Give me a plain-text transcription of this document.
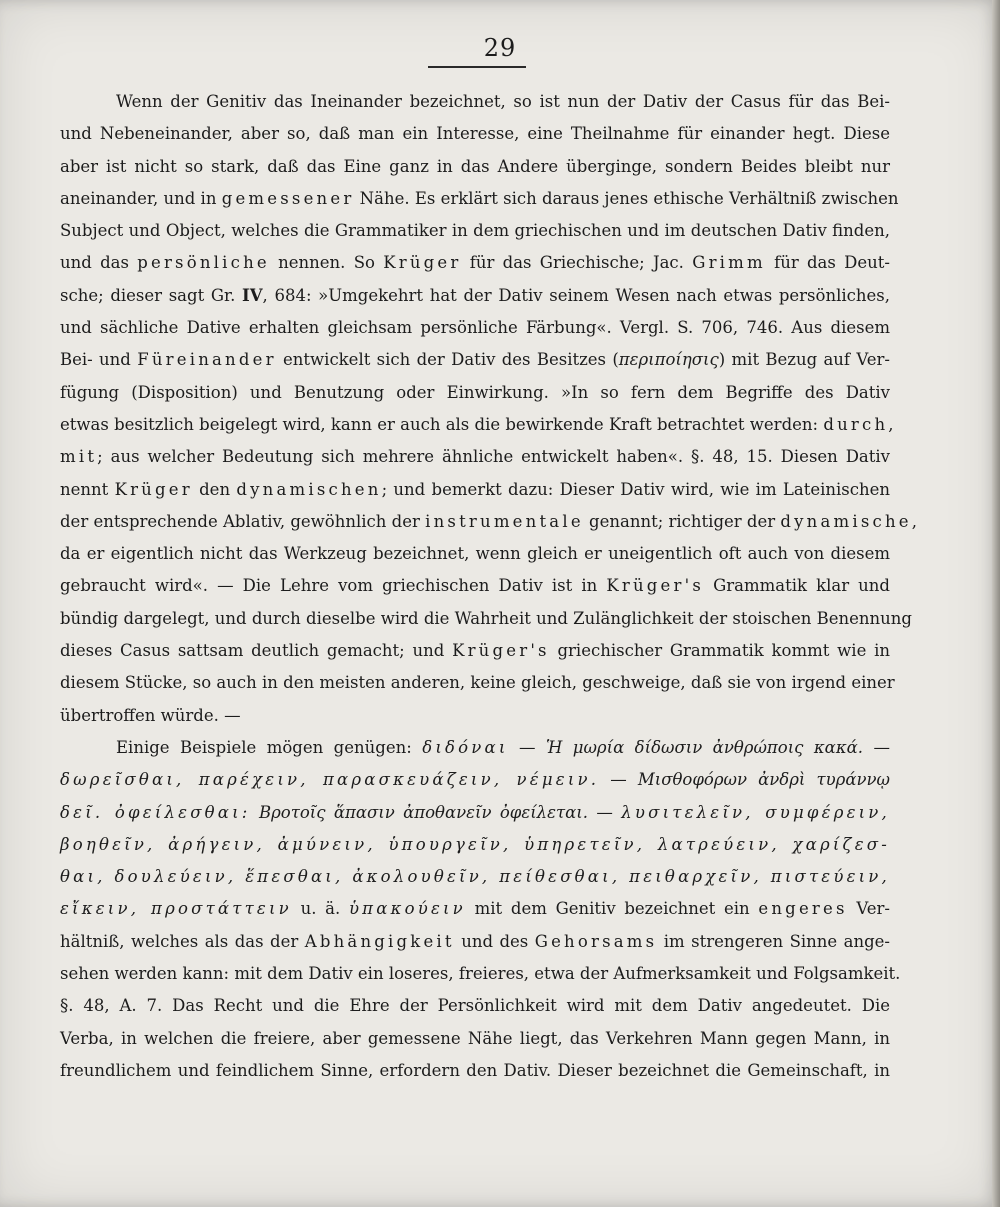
29
Wenn der Genitiv das Ineinander bezeichnet, so ist nun der Dativ der Casus für das Bei-
und Nebeneinander, aber so, daß man ein Interesse, eine Theilnahme für einander hegt. Diese
aber ist nicht so stark, daß das Eine ganz in das Andere überginge, sondern Beides bleibt nur
aneinander, und in gemessener Nähe. Es erklärt sich daraus jenes ethische Verhältniß zwischen
Subject und Object, welches die Grammatiker in dem griechischen und im deutschen Dativ finden,
und das persönliche nennen. So Krüger für das Griechische; Jac. Grimm für das Deut-
sche; dieser sagt Gr. IV, 684: »Umgekehrt hat der Dativ seinem Wesen nach etwas persönliches,
und sächliche Dative erhalten gleichsam persönliche Färbung«. Vergl. S. 706, 746. Aus diesem
Bei- und Füreinander entwickelt sich der Dativ des Besitzes (περιποίησις) mit Bezug auf Ver-
fügung (Disposition) und Benutzung oder Einwirkung. »In so fern dem Begriffe des Dativ
etwas besitzlich beigelegt wird, kann er auch als die bewirkende Kraft betrachtet werden: durch,
mit; aus welcher Bedeutung sich mehrere ähnliche entwickelt haben«. §. 48, 15. Diesen Dativ
nennt Krüger den dynamischen; und bemerkt dazu: Dieser Dativ wird, wie im Lateinischen
der entsprechende Ablativ, gewöhnlich der instrumentale genannt; richtiger der dynamische,
da er eigentlich nicht das Werkzeug bezeichnet, wenn gleich er uneigentlich oft auch von diesem
gebraucht wird«. — Die Lehre vom griechischen Dativ ist in Krüger's Grammatik klar und
bündig dargelegt, und durch dieselbe wird die Wahrheit und Zulänglichkeit der stoischen Benennung
dieses Casus sattsam deutlich gemacht; und Krüger's griechischer Grammatik kommt wie in
diesem Stücke, so auch in den meisten anderen, keine gleich, geschweige, daß sie von irgend einer
übertroffen würde. —
Einige Beispiele mögen genügen: διδόναι — Ἡ μωρία δίδωσιν ἀνθρώποις κακά. —
δωρεῖσθαι, παρέχειν, παρασκευάζειν, νέμειν. — Μισθοφόρων ἀνδρὶ τυράννῳ
δεῖ. ὀφείλεσθαι: Βροτοῖς ἅπασιν ἀποθανεῖν ὀφείλεται. — λυσιτελεῖν, συμφέρειν,
βοηθεῖν, ἀρήγειν, ἀμύνειν, ὑπουργεῖν, ὑπηρετεῖν, λατρεύειν, χαρίζεσ-
θαι, δουλεύειν, ἕπεσθαι, ἀκολουθεῖν, πείθεσθαι, πειθαρχεῖν, πιστεύειν,
εἴκειν, προστάττειν u. ä. ὑπακούειν mit dem Genitiv bezeichnet ein engeres Ver-
hältniß, welches als das der Abhängigkeit und des Gehorsams im strengeren Sinne ange-
sehen werden kann: mit dem Dativ ein loseres, freieres, etwa der Aufmerksamkeit und Folgsamkeit.
§. 48, A. 7. Das Recht und die Ehre der Persönlichkeit wird mit dem Dativ angedeutet. Die
Verba, in welchen die freiere, aber gemessene Nähe liegt, das Verkehren Mann gegen Mann, in
freundlichem und feindlichem Sinne, erfordern den Dativ. Dieser bezeichnet die Gemeinschaft, in
